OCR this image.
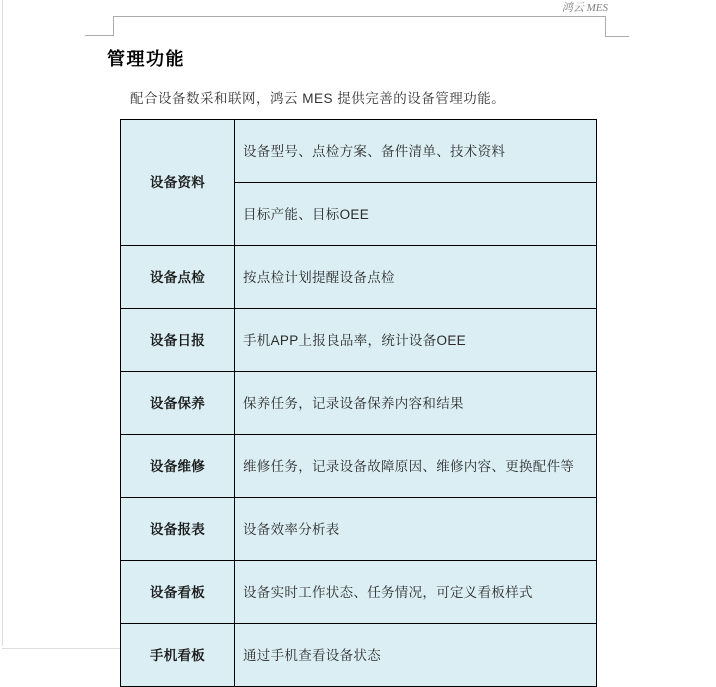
鸿云 MES
管理功能
配合设备数采和联网，鸿云 MES 提供完善的设备管理功能。
设备资料	设备型号、点检方案、备件清单、技术资料
	目标产能、目标OEE
设备点检	按点检计划提醒设备点检
设备日报	手机APP上报良品率，统计设备OEE
设备保养	保养任务，记录设备保养内容和结果
设备维修	维修任务，记录设备故障原因、维修内容、更换配件等
设备报表	设备效率分析表
设备看板	设备实时工作状态、任务情况，可定义看板样式
手机看板	通过手机查看设备状态
